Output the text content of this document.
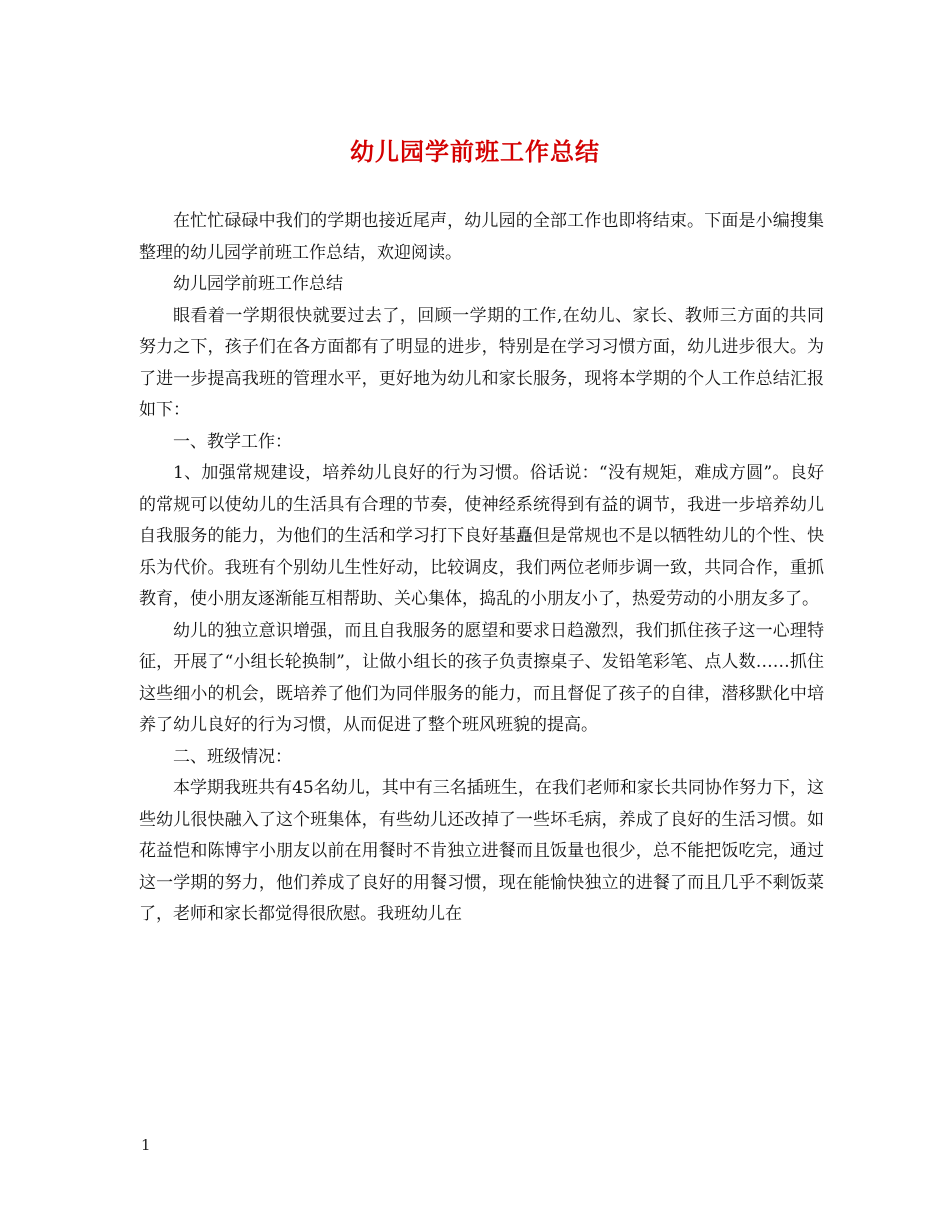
幼儿园学前班工作总结

在忙忙碌碌中我们的学期也接近尾声，幼儿园的全部工作也即将结束。下面是小编搜集整理的幼儿园学前班工作总结，欢迎阅读。

幼儿园学前班工作总结

眼看着一学期很快就要过去了，回顾一学期的工作,在幼儿、家长、教师三方面的共同努力之下，孩子们在各方面都有了明显的进步，特别是在学习习惯方面，幼儿进步很大。为了进一步提高我班的管理水平，更好地为幼儿和家长服务，现将本学期的个人工作总结汇报如下：

一、教学工作：

1、加强常规建设，培养幼儿良好的行为习惯。俗话说：“没有规矩，难成方圆”。良好的常规可以使幼儿的生活具有合理的节奏，使神经系统得到有益的调节，我进一步培养幼儿自我服务的能力，为他们的生活和学习打下良好基矗但是常规也不是以牺牲幼儿的个性、快乐为代价。我班有个别幼儿生性好动，比较调皮，我们两位老师步调一致，共同合作，重抓教育，使小朋友逐渐能互相帮助、关心集体，捣乱的小朋友小了，热爱劳动的小朋友多了。

幼儿的独立意识增强，而且自我服务的愿望和要求日趋激烈，我们抓住孩子这一心理特征，开展了“小组长轮换制”，让做小组长的孩子负责擦桌子、发铅笔彩笔、点人数……抓住这些细小的机会，既培养了他们为同伴服务的能力，而且督促了孩子的自律，潜移默化中培养了幼儿良好的行为习惯，从而促进了整个班风班貌的提高。

二、班级情况：

本学期我班共有45名幼儿，其中有三名插班生，在我们老师和家长共同协作努力下，这些幼儿很快融入了这个班集体，有些幼儿还改掉了一些坏毛病，养成了良好的生活习惯。如花益恺和陈博宇小朋友以前在用餐时不肯独立进餐而且饭量也很少，总不能把饭吃完，通过这一学期的努力，他们养成了良好的用餐习惯，现在能愉快独立的进餐了而且几乎不剩饭菜了，老师和家长都觉得很欣慰。我班幼儿在

1
